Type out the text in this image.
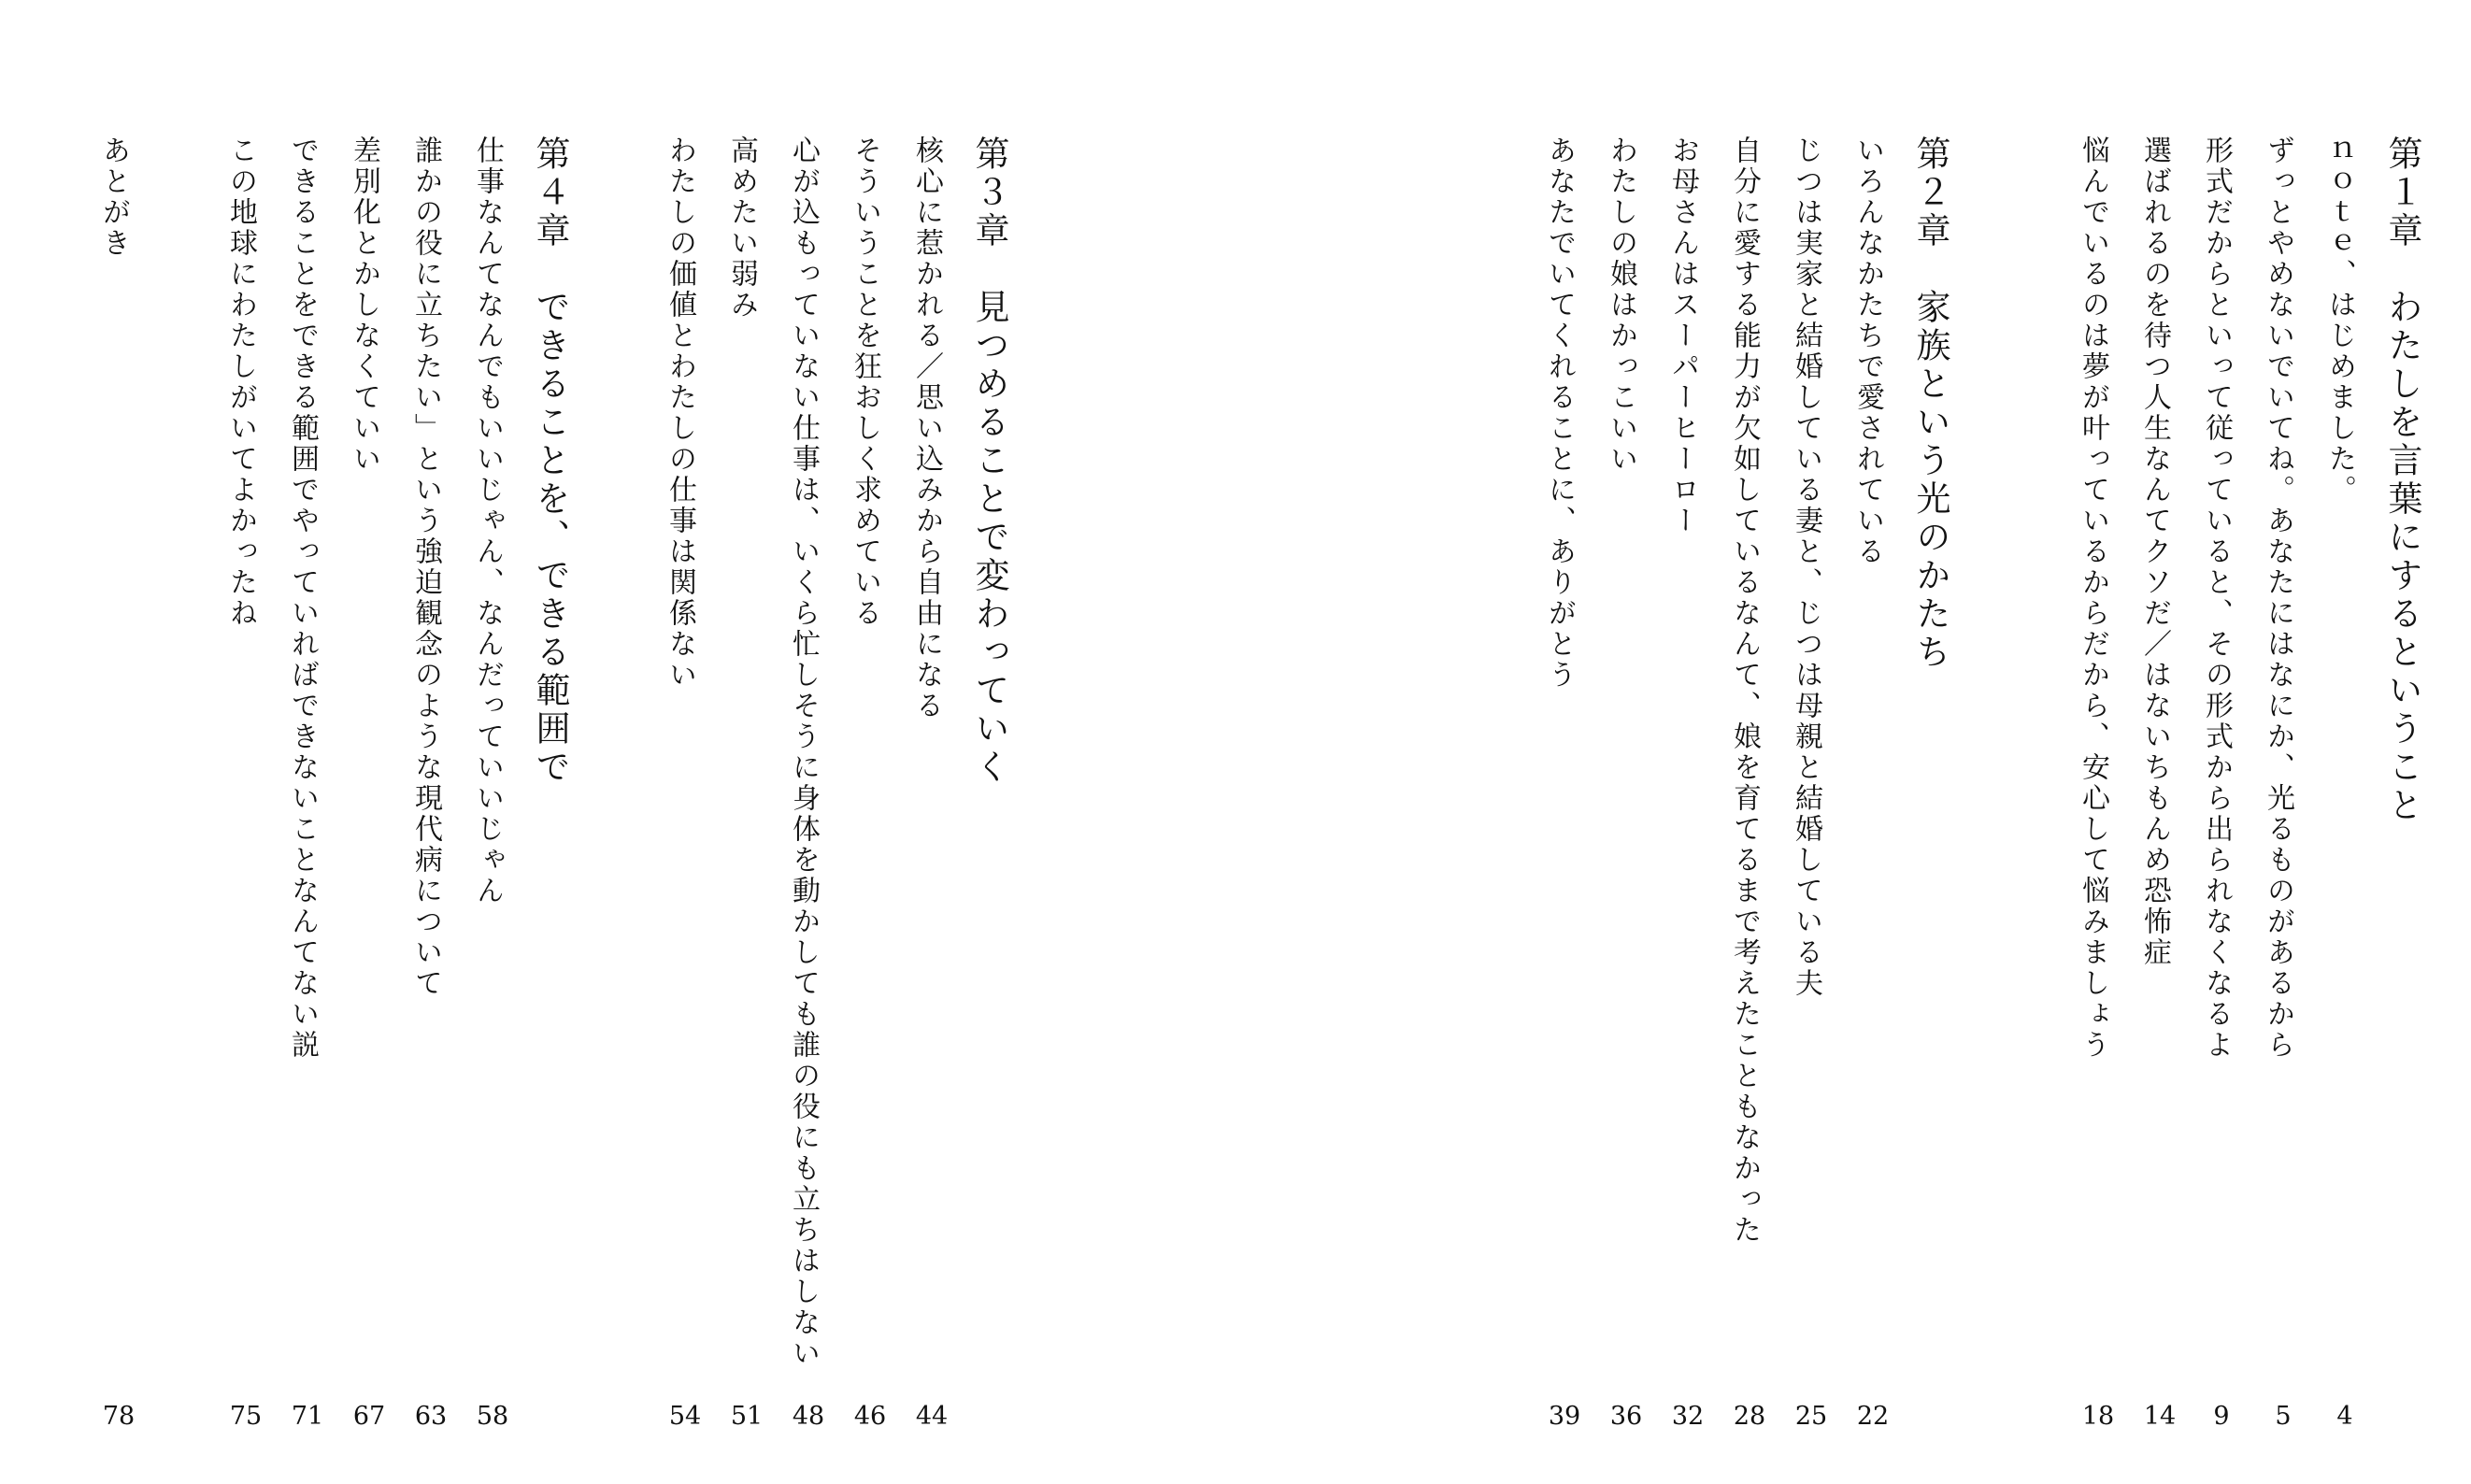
第１章　わたしを言葉にするということ
ｎｏｔｅ、はじめました。
4
ずっとやめないでいてね。あなたにはなにか、光るものがあるから
5
形式だからといって従っていると、その形式から出られなくなるよ
9
選ばれるのを待つ人生なんてクソだ／はないちもんめ恐怖症
14
悩んでいるのは夢が叶っているからだから、安心して悩みましょう
18
第２章　家族という光のかたち
いろんなかたちで愛されている
22
じつは実家と結婚している妻と、じつは母親と結婚している夫
25
自分に愛する能力が欠如しているなんて、娘を育てるまで考えたこともなかった
28
お母さんはスーパーヒーロー
32
わたしの娘はかっこいい
36
あなたでいてくれることに、ありがとう
39
第３章　見つめることで変わっていく
核心に惹かれる／思い込みから自由になる
44
そういうことを狂おしく求めている
46
心が込もっていない仕事は、いくら忙しそうに身体を動かしても誰の役にも立ちはしない
48
高めたい弱み
51
わたしの価値とわたしの仕事は関係ない
54
第４章　できることを、できる範囲で
仕事なんてなんでもいいじゃん、なんだっていいじゃん
58
誰かの役に立ちたい」という強迫観念のような現代病について
63
差別化とかしなくていい
67
できることをできる範囲でやっていればできないことなんてない説
71
この地球にわたしがいてよかったね
75
あとがき
78
